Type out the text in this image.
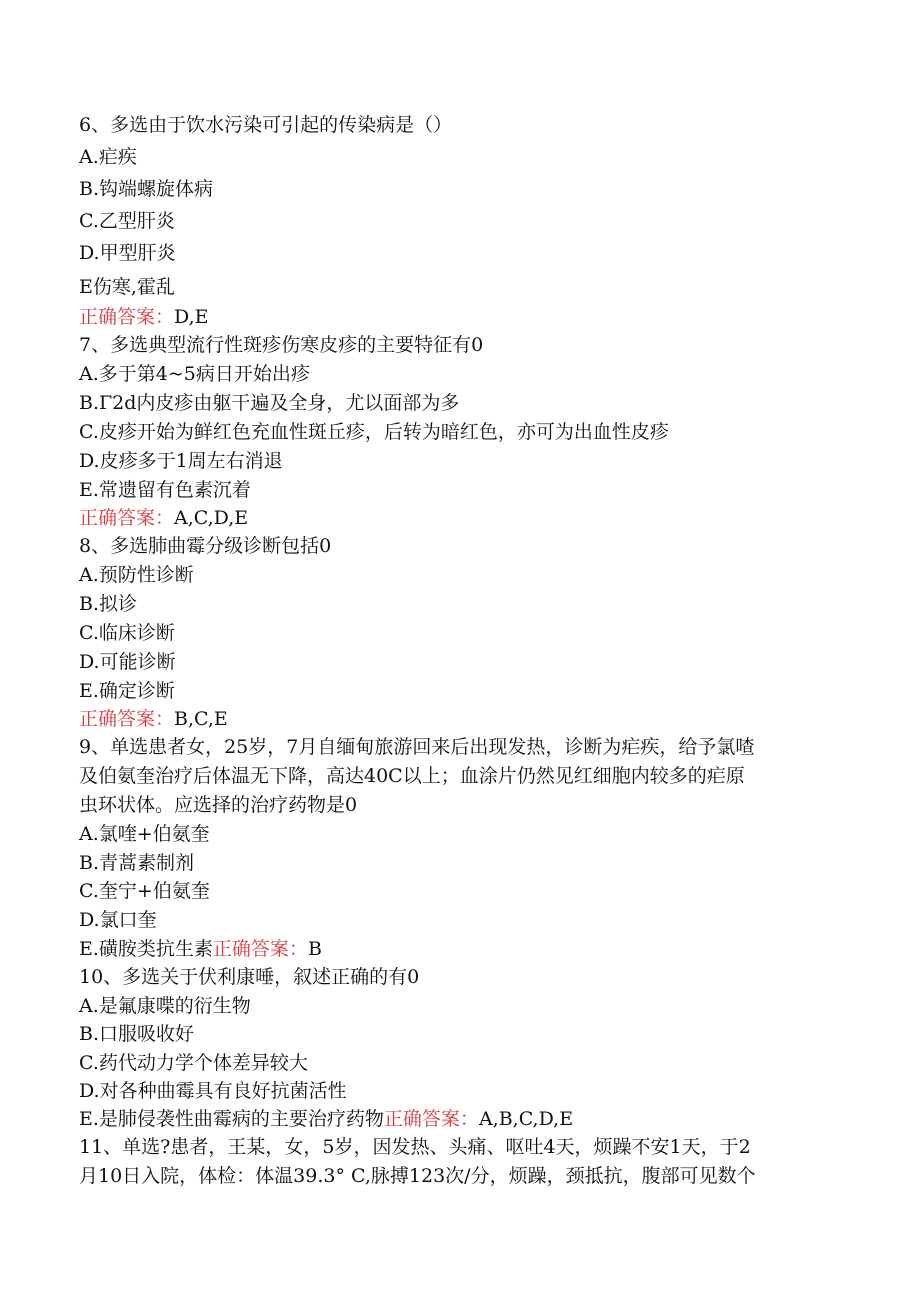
6、多选由于饮水污染可引起的传染病是（）
A.疟疾
B.钩端螺旋体病
C.乙型肝炎
D.甲型肝炎
E伤寒,霍乱
正确答案：D,E
7、多选典型流行性斑疹伤寒皮疹的主要特征有0
A.多于第4~5病日开始出疹
B.Γ2d内皮疹由躯干遍及全身，尤以面部为多
C.皮疹开始为鲜红色充血性斑丘疹，后转为暗红色，亦可为出血性皮疹
D.皮疹多于1周左右消退
E.常遗留有色素沉着
正确答案：A,C,D,E
8、多选肺曲霉分级诊断包括0
A.预防性诊断
B.拟诊
C.临床诊断
D.可能诊断
E.确定诊断
正确答案：B,C,E
9、单选患者女，25岁，7月自缅甸旅游回来后出现发热，诊断为疟疾，给予氯喳
及伯氨奎治疗后体温无下降，高达40C以上；血涂片仍然见红细胞内较多的疟原
虫环状体。应选择的治疗药物是0
A.氯喹+伯氨奎
B.青蒿素制剂
C.奎宁+伯氨奎
D.氯口奎
E.磺胺类抗生素正确答案：B
10、多选关于伏利康唾，叙述正确的有0
A.是氟康喋的衍生物
B.口服吸收好
C.药代动力学个体差异较大
D.对各种曲霉具有良好抗菌活性
E.是肺侵袭性曲霉病的主要治疗药物正确答案：A,B,C,D,E
11、单选?患者，王某，女，5岁，因发热、头痛、呕吐4天，烦躁不安1天，于2
月10日入院，体检：体温39.3° C,脉搏123次/分，烦躁，颈抵抗，腹部可见数个
